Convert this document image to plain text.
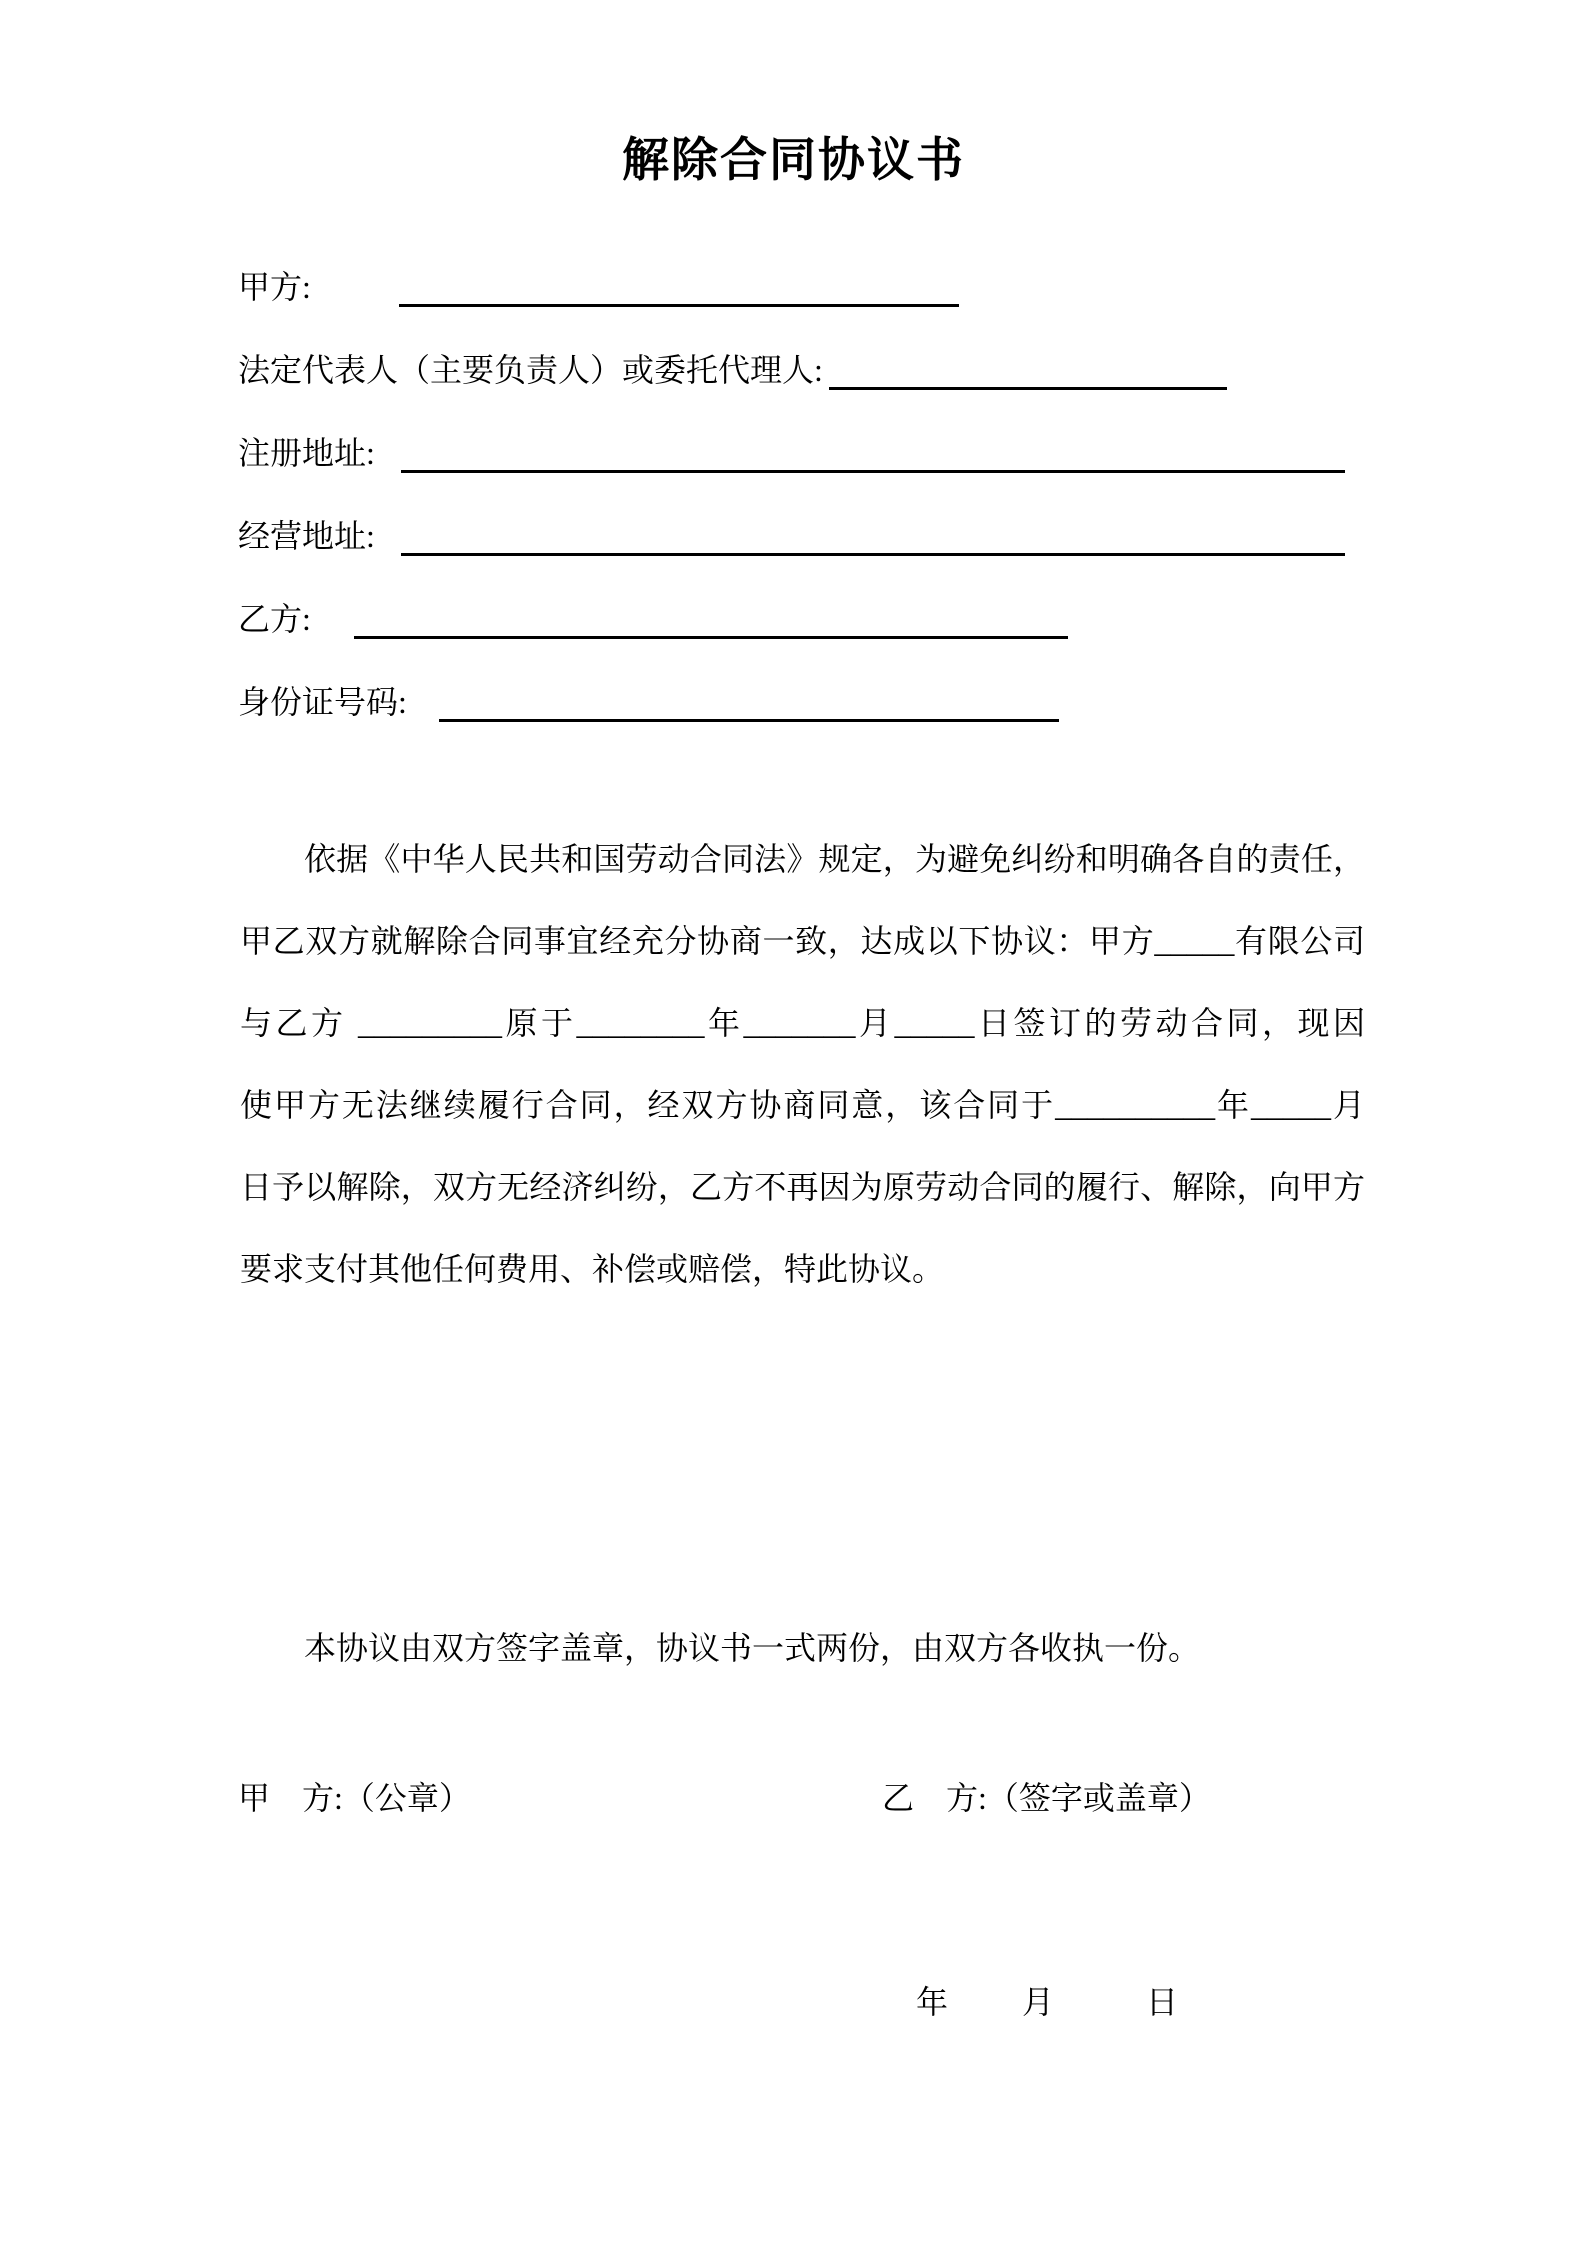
解除合同协议书
甲方:
法定代表人（主要负责人）或委托代理人:
注册地址:
经营地址:
乙方:
身份证号码:

依据《中华人民共和国劳动合同法》规定，为避免纠纷和明确各自的责任，

甲乙双方就解除合同事宜经充分协商一致，达成以下协议：甲方_____有限公司

与乙方 _________原于________年_______月_____日签订的劳动合同，现因

使甲方无法继续履行合同，经双方协商同意，该合同于__________年_____月

日予以解除，双方无经济纠纷，乙方不再因为原劳动合同的履行、解除，向甲方

要求支付其他任何费用、补偿或赔偿，特此协议。

本协议由双方签字盖章，协议书一式两份，由双方各收执一份。

甲　方:（公章）	乙　方:（签字或盖章）

年 月	日
